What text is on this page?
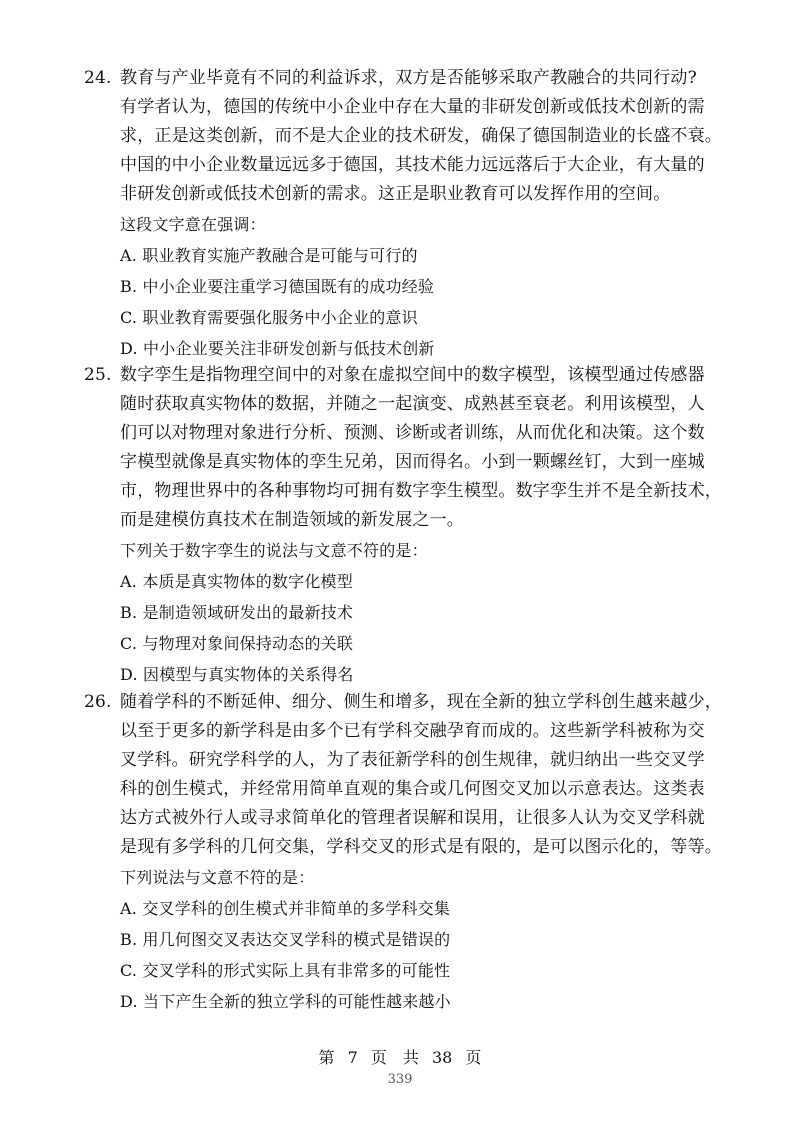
24. 教育与产业毕竟有不同的利益诉求，双方是否能够采取产教融合的共同行动?
有学者认为，德国的传统中小企业中存在大量的非研发创新或低技术创新的需
求，正是这类创新，而不是大企业的技术研发，确保了德国制造业的长盛不衰。
中国的中小企业数量远远多于德国，其技术能力远远落后于大企业，有大量的
非研发创新或低技术创新的需求。这正是职业教育可以发挥作用的空间。
这段文字意在强调：
A. 职业教育实施产教融合是可能与可行的
B. 中小企业要注重学习德国既有的成功经验
C. 职业教育需要强化服务中小企业的意识
D. 中小企业要关注非研发创新与低技术创新
25. 数字孪生是指物理空间中的对象在虚拟空间中的数字模型，该模型通过传感器
随时获取真实物体的数据，并随之一起演变、成熟甚至衰老。利用该模型，人
们可以对物理对象进行分析、预测、诊断或者训练，从而优化和决策。这个数
字模型就像是真实物体的孪生兄弟，因而得名。小到一颗螺丝钉，大到一座城
市，物理世界中的各种事物均可拥有数字孪生模型。数字孪生并不是全新技术，
而是建模仿真技术在制造领域的新发展之一。
下列关于数字孪生的说法与文意不符的是：
A. 本质是真实物体的数字化模型
B. 是制造领域研发出的最新技术
C. 与物理对象间保持动态的关联
D. 因模型与真实物体的关系得名
26. 随着学科的不断延伸、细分、侧生和增多，现在全新的独立学科创生越来越少，
以至于更多的新学科是由多个已有学科交融孕育而成的。这些新学科被称为交
叉学科。研究学科学的人，为了表征新学科的创生规律，就归纳出一些交叉学
科的创生模式，并经常用简单直观的集合或几何图交叉加以示意表达。这类表
达方式被外行人或寻求简单化的管理者误解和误用，让很多人认为交叉学科就
是现有多学科的几何交集，学科交叉的形式是有限的，是可以图示化的，等等。
下列说法与文意不符的是：
A. 交叉学科的创生模式并非简单的多学科交集
B. 用几何图交叉表达交叉学科的模式是错误的
C. 交叉学科的形式实际上具有非常多的可能性
D. 当下产生全新的独立学科的可能性越来越小
第 7 页　共 38 页
339
